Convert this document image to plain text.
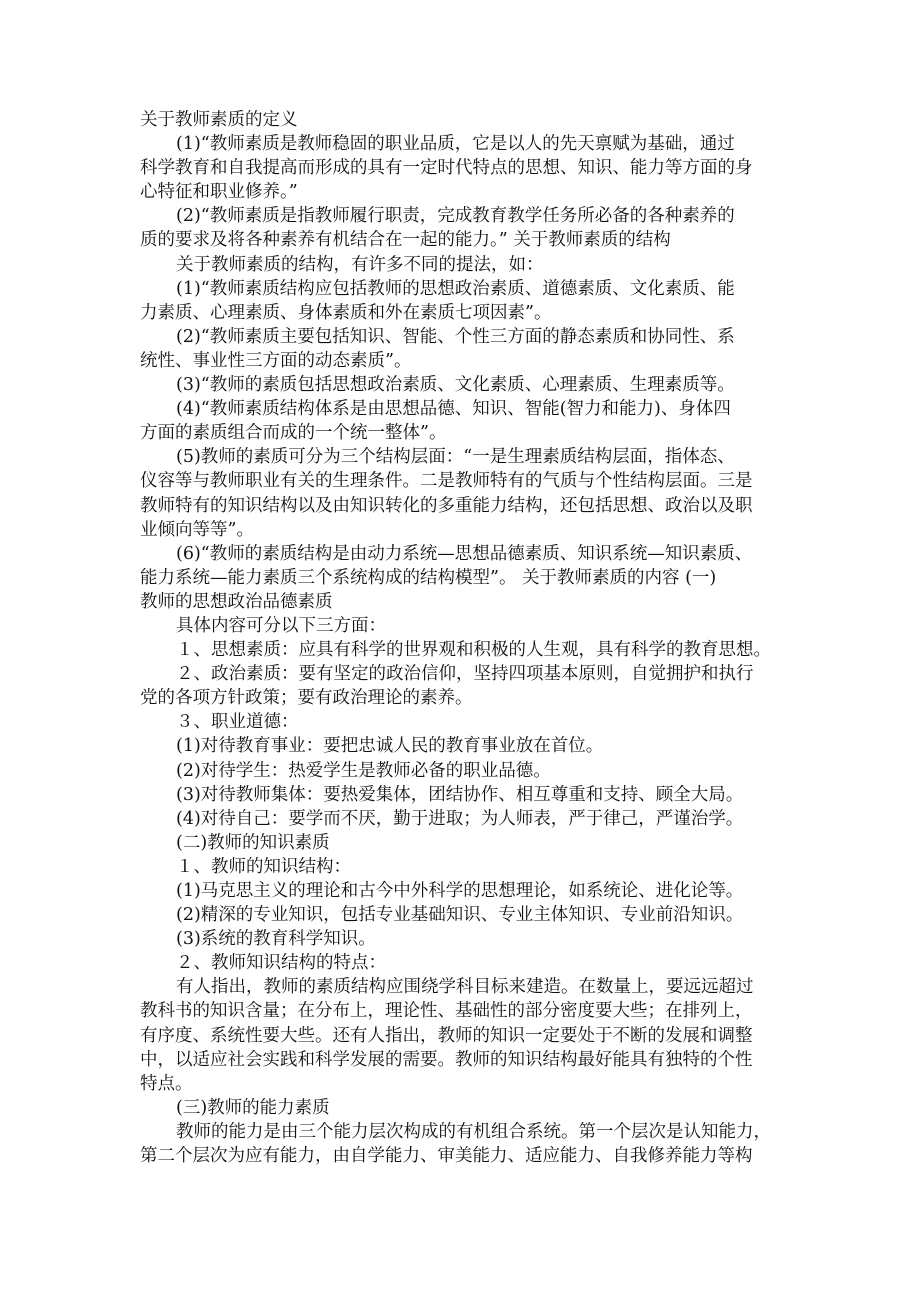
关于教师素质的定义

(1)“教师素质是教师稳固的职业品质，它是以人的先天禀赋为基础，通过

科学教育和自我提高而形成的具有一定时代特点的思想、知识、能力等方面的身

心特征和职业修养。”

(2)“教师素质是指教师履行职责，完成教育教学任务所必备的各种素养的

质的要求及将各种素养有机结合在一起的能力。” 关于教师素质的结构

关于教师素质的结构，有许多不同的提法，如：

(1)“教师素质结构应包括教师的思想政治素质、道德素质、文化素质、能

力素质、心理素质、身体素质和外在素质七项因素”。

(2)“教师素质主要包括知识、智能、个性三方面的静态素质和协同性、系

统性、事业性三方面的动态素质”。

(3)“教师的素质包括思想政治素质、文化素质、心理素质、生理素质等。

(4)“教师素质结构体系是由思想品德、知识、智能(智力和能力)、身体四

方面的素质组合而成的一个统一整体”。

(5)教师的素质可分为三个结构层面：“一是生理素质结构层面，指体态、

仪容等与教师职业有关的生理条件。二是教师特有的气质与个性结构层面。三是

教师特有的知识结构以及由知识转化的多重能力结构，还包括思想、政治以及职

业倾向等等”。

(6)“教师的素质结构是由动力系统—思想品德素质、知识系统—知识素质、

能力系统—能力素质三个系统构成的结构模型”。 关于教师素质的内容 (一)

教师的思想政治品德素质

具体内容可分以下三方面：

１、思想素质：应具有科学的世界观和积极的人生观，具有科学的教育思想。

２、政治素质：要有坚定的政治信仰，坚持四项基本原则，自觉拥护和执行

党的各项方针政策；要有政治理论的素养。

３、职业道德：

(1)对待教育事业：要把忠诚人民的教育事业放在首位。

(2)对待学生：热爱学生是教师必备的职业品德。

(3)对待教师集体：要热爱集体，团结协作、相互尊重和支持、顾全大局。

(4)对待自己：要学而不厌，勤于进取；为人师表，严于律己，严谨治学。

(二)教师的知识素质

１、教师的知识结构：

(1)马克思主义的理论和古今中外科学的思想理论，如系统论、进化论等。

(2)精深的专业知识，包括专业基础知识、专业主体知识、专业前沿知识。

(3)系统的教育科学知识。

２、教师知识结构的特点：

有人指出，教师的素质结构应围绕学科目标来建造。在数量上，要远远超过

教科书的知识含量；在分布上，理论性、基础性的部分密度要大些；在排列上，

有序度、系统性要大些。还有人指出，教师的知识一定要处于不断的发展和调整

中，以适应社会实践和科学发展的需要。教师的知识结构最好能具有独特的个性

特点。

(三)教师的能力素质

教师的能力是由三个能力层次构成的有机组合系统。第一个层次是认知能力，

第二个层次为应有能力，由自学能力、审美能力、适应能力、自我修养能力等构
